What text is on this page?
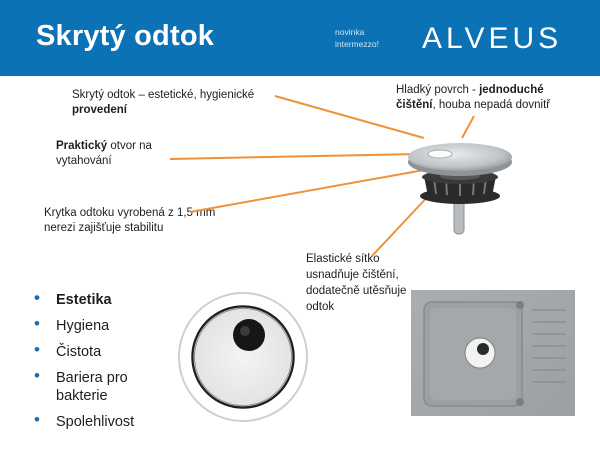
Skrytý odtok	novinka
intermezzo! ALVEUS
Skrytý odtok – estetické, hygienické provedení
Hladký povrch - jednoduché čištění, houba nepadá dovnitř
Praktický otvor na vytahování
Krytka odtoku vyrobená z 1,5 mm nerezi zajišťuje stabilitu
Elastické sítko usnadňuje čištění, dodatečně utěsňuje odtok
• Estetika
• Hygiena
• Čistota
• Bariera pro bakterie
• Spolehlivost
